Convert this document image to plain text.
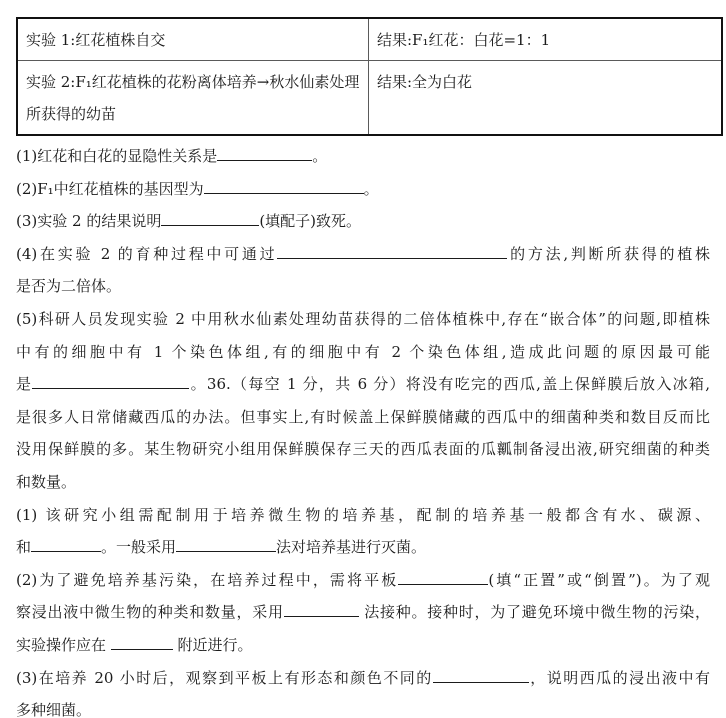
实验 1:红花植株自交	结果:F₁红花：白花=1：1

实验 2:F₁红花植株的花粉离体培养→秋水仙素处理
所获得的幼苗	结果:全为白花
(1)红花和白花的显隐性关系是	。
(2)F₁中红花植株的基因型为	。
(3)实验 2 的结果说明	(填配子)致死。
(4)在实验 2 的育种过程中可通过	的方法,判断所获得的植株
是否为二倍体。
(5)科研人员发现实验 2 中用秋水仙素处理幼苗获得的二倍体植株中,存在“嵌合体”的问题,即植株
中有的细胞中有 1 个染色体组,有的细胞中有 2 个染色体组,造成此问题的原因最可能
是	。36.（每空 1 分，共 6 分）将没有吃完的西瓜,盖上保鲜膜后放入冰箱,
是很多人日常储藏西瓜的办法。但事实上,有时候盖上保鲜膜储藏的西瓜中的细菌种类和数目反而比
没用保鲜膜的多。某生物研究小组用保鲜膜保存三天的西瓜表面的瓜瓤制备浸出液,研究细菌的种类
和数量。
(1) 该研究小组需配制用于培养微生物的培养基，配制的培养基一般都含有水、碳源、
和	。一般采用	法对培养基进行灭菌。
(2)为了避免培养基污染，在培养过程中，需将平板	(填“正置”或“倒置”)。为了观
察浸出液中微生物的种类和数量，采用	法接种。接种时，为了避免环境中微生物的污染，
实验操作应在	附近进行。
(3)在培养 20 小时后，观察到平板上有形态和颜色不同的	，说明西瓜的浸出液中有
多种细菌。
